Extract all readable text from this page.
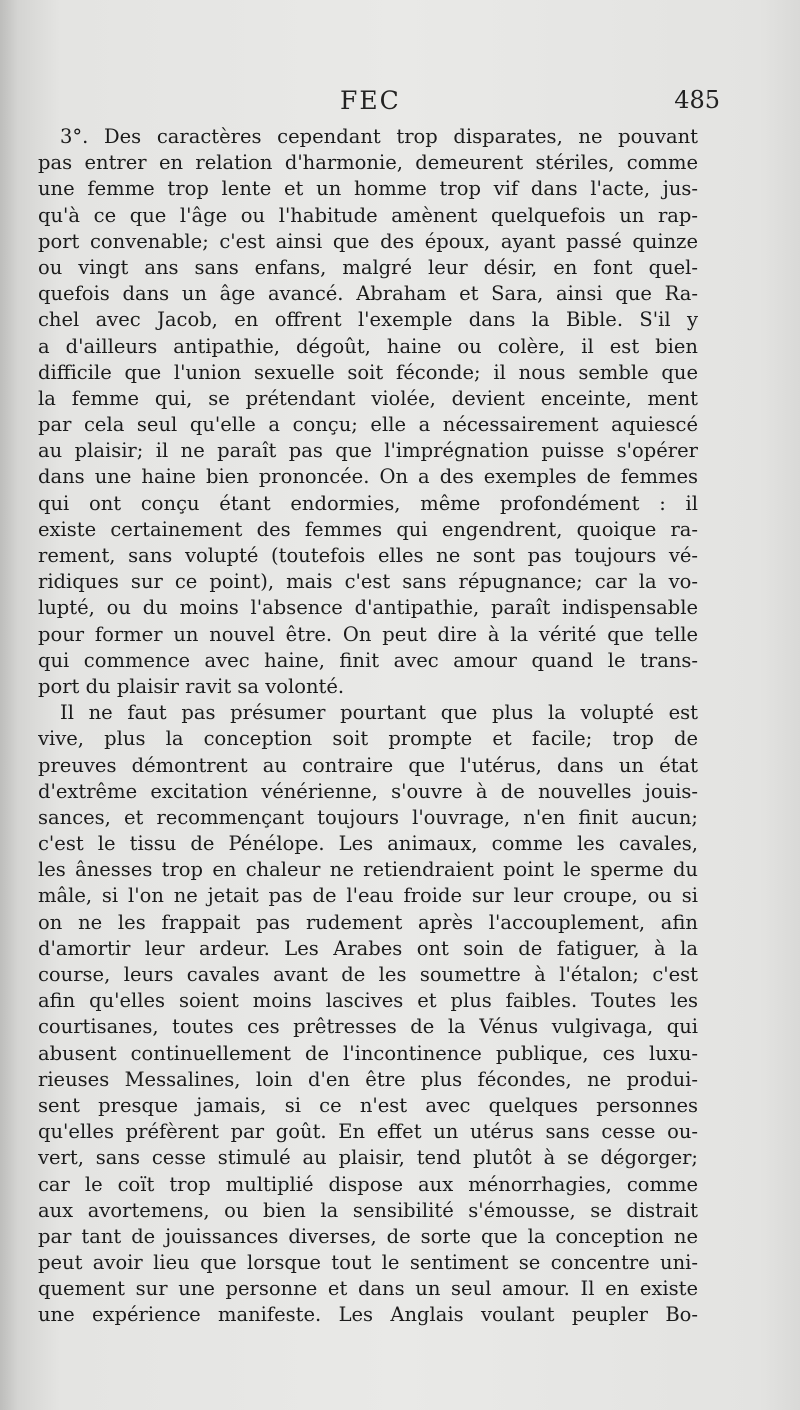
FEC	485
3°. Des caractères cependant trop disparates, ne pouvant
pas entrer en relation d'harmonie, demeurent stériles, comme
une femme trop lente et un homme trop vif dans l'acte, jus-
qu'à ce que l'âge ou l'habitude amènent quelquefois un rap-
port convenable; c'est ainsi que des époux, ayant passé quinze
ou vingt ans sans enfans, malgré leur désir, en font quel-
quefois dans un âge avancé. Abraham et Sara, ainsi que Ra-
chel avec Jacob, en offrent l'exemple dans la Bible. S'il y
a d'ailleurs antipathie, dégoût, haine ou colère, il est bien
difficile que l'union sexuelle soit féconde; il nous semble que
la femme qui, se prétendant violée, devient enceinte, ment
par cela seul qu'elle a conçu; elle a nécessairement aquiescé
au plaisir; il ne paraît pas que l'imprégnation puisse s'opérer
dans une haine bien prononcée. On a des exemples de femmes
qui ont conçu étant endormies, même profondément : il
existe certainement des femmes qui engendrent, quoique ra-
rement, sans volupté (toutefois elles ne sont pas toujours vé-
ridiques sur ce point), mais c'est sans répugnance; car la vo-
lupté, ou du moins l'absence d'antipathie, paraît indispensable
pour former un nouvel être. On peut dire à la vérité que telle
qui commence avec haine, finit avec amour quand le trans-
port du plaisir ravit sa volonté.
Il ne faut pas présumer pourtant que plus la volupté est
vive, plus la conception soit prompte et facile; trop de
preuves démontrent au contraire que l'utérus, dans un état
d'extrême excitation vénérienne, s'ouvre à de nouvelles jouis-
sances, et recommençant toujours l'ouvrage, n'en finit aucun;
c'est le tissu de Pénélope. Les animaux, comme les cavales,
les ânesses trop en chaleur ne retiendraient point le sperme du
mâle, si l'on ne jetait pas de l'eau froide sur leur croupe, ou si
on ne les frappait pas rudement après l'accouplement, afin
d'amortir leur ardeur. Les Arabes ont soin de fatiguer, à la
course, leurs cavales avant de les soumettre à l'étalon; c'est
afin qu'elles soient moins lascives et plus faibles. Toutes les
courtisanes, toutes ces prêtresses de la Vénus vulgivaga, qui
abusent continuellement de l'incontinence publique, ces luxu-
rieuses Messalines, loin d'en être plus fécondes, ne produi-
sent presque jamais, si ce n'est avec quelques personnes
qu'elles préfèrent par goût. En effet un utérus sans cesse ou-
vert, sans cesse stimulé au plaisir, tend plutôt à se dégorger;
car le coït trop multiplié dispose aux ménorrhagies, comme
aux avortemens, ou bien la sensibilité s'émousse, se distrait
par tant de jouissances diverses, de sorte que la conception ne
peut avoir lieu que lorsque tout le sentiment se concentre uni-
quement sur une personne et dans un seul amour. Il en existe
une expérience manifeste. Les Anglais voulant peupler Bo-
